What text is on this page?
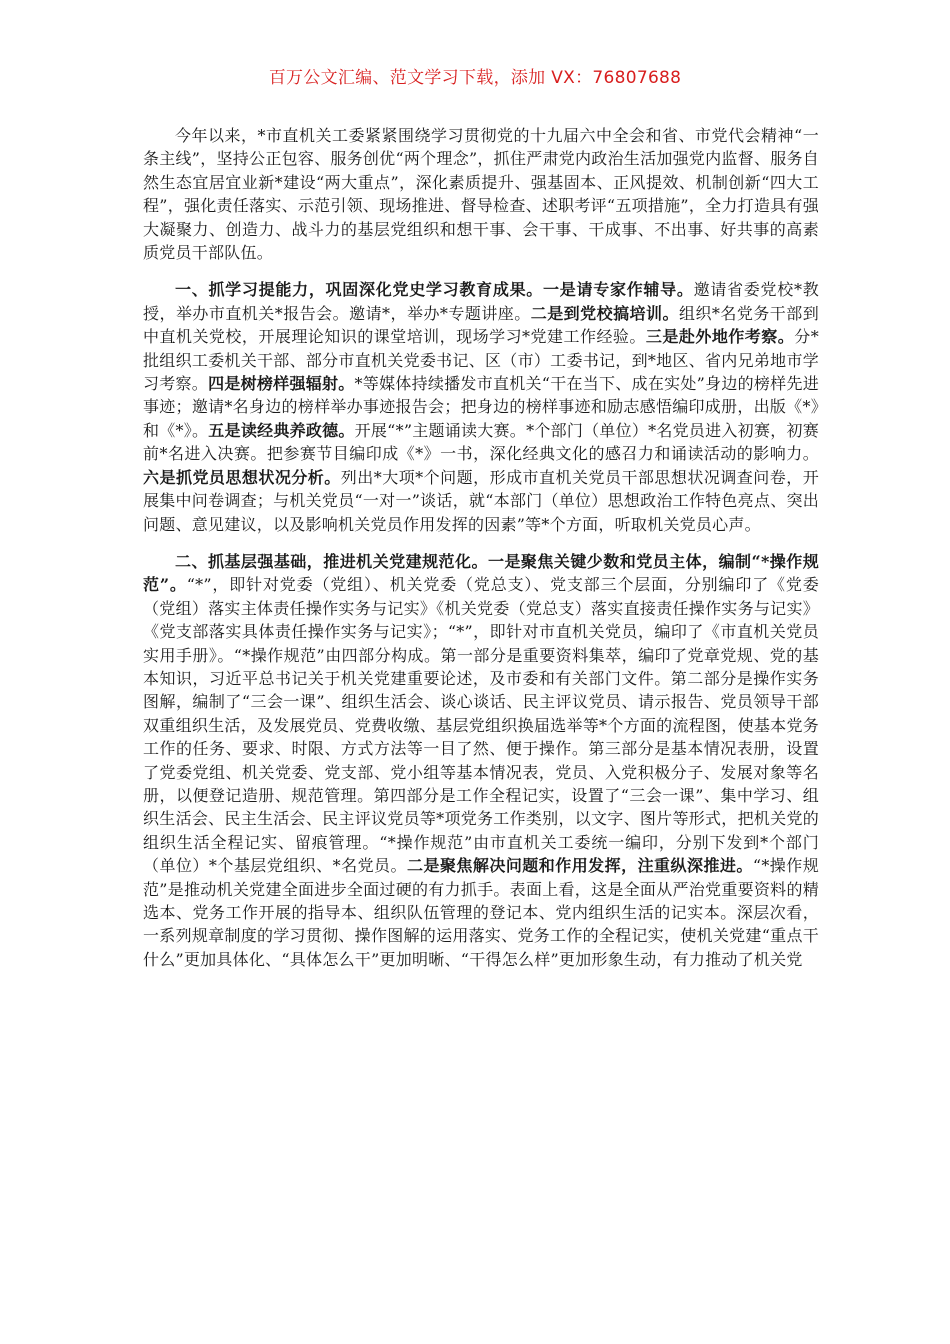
百万公文汇编、范文学习下载，添加 VX：76807688

今年以来，*市直机关工委紧紧围绕学习贯彻党的十九届六中全会和省、市党代会精神“一条主线”，坚持公正包容、服务创优“两个理念”，抓住严肃党内政治生活加强党内监督、服务自然生态宜居宜业新*建设“两大重点”，深化素质提升、强基固本、正风提效、机制创新“四大工程”，强化责任落实、示范引领、现场推进、督导检查、述职考评“五项措施”，全力打造具有强大凝聚力、创造力、战斗力的基层党组织和想干事、会干事、干成事、不出事、好共事的高素质党员干部队伍。

一、抓学习提能力，巩固深化党史学习教育成果。一是请专家作辅导。邀请省委党校*教授，举办市直机关*报告会。邀请*，举办*专题讲座。二是到党校搞培训。组织*名党务干部到中直机关党校，开展理论知识的课堂培训，现场学习*党建工作经验。三是赴外地作考察。分*批组织工委机关干部、部分市直机关党委书记、区（市）工委书记，到*地区、省内兄弟地市学习考察。四是树榜样强辐射。*等媒体持续播发市直机关“干在当下、成在实处”身边的榜样先进事迹；邀请*名身边的榜样举办事迹报告会；把身边的榜样事迹和励志感悟编印成册，出版《*》和《*》。五是读经典养政德。开展“*”主题诵读大赛。*个部门（单位）*名党员进入初赛，初赛前*名进入决赛。把参赛节目编印成《*》一书，深化经典文化的感召力和诵读活动的影响力。六是抓党员思想状况分析。列出*大项*个问题，形成市直机关党员干部思想状况调查问卷，开展集中问卷调查；与机关党员“一对一”谈话，就“本部门（单位）思想政治工作特色亮点、突出问题、意见建议，以及影响机关党员作用发挥的因素”等*个方面，听取机关党员心声。

二、抓基层强基础，推进机关党建规范化。一是聚焦关键少数和党员主体，编制“*操作规范”。“*”，即针对党委（党组）、机关党委（党总支）、党支部三个层面，分别编印了《党委（党组）落实主体责任操作实务与记实》《机关党委（党总支）落实直接责任操作实务与记实》《党支部落实具体责任操作实务与记实》；“*”，即针对市直机关党员，编印了《市直机关党员实用手册》。“*操作规范”由四部分构成。第一部分是重要资料集萃，编印了党章党规、党的基本知识，习近平总书记关于机关党建重要论述，及市委和有关部门文件。第二部分是操作实务图解，编制了“三会一课”、组织生活会、谈心谈话、民主评议党员、请示报告、党员领导干部双重组织生活，及发展党员、党费收缴、基层党组织换届选举等*个方面的流程图，使基本党务工作的任务、要求、时限、方式方法等一目了然、便于操作。第三部分是基本情况表册，设置了党委党组、机关党委、党支部、党小组等基本情况表，党员、入党积极分子、发展对象等名册，以便登记造册、规范管理。第四部分是工作全程记实，设置了“三会一课”、集中学习、组织生活会、民主生活会、民主评议党员等*项党务工作类别，以文字、图片等形式，把机关党的组织生活全程记实、留痕管理。“*操作规范”由市直机关工委统一编印，分别下发到*个部门（单位）*个基层党组织、*名党员。二是聚焦解决问题和作用发挥，注重纵深推进。“*操作规范”是推动机关党建全面进步全面过硬的有力抓手。表面上看，这是全面从严治党重要资料的精选本、党务工作开展的指导本、组织队伍管理的登记本、党内组织生活的记实本。深层次看，一系列规章制度的学习贯彻、操作图解的运用落实、党务工作的全程记实，使机关党建“重点干什么”更加具体化、“具体怎么干”更加明晰、“干得怎么样”更加形象生动，有力推动了机关党
